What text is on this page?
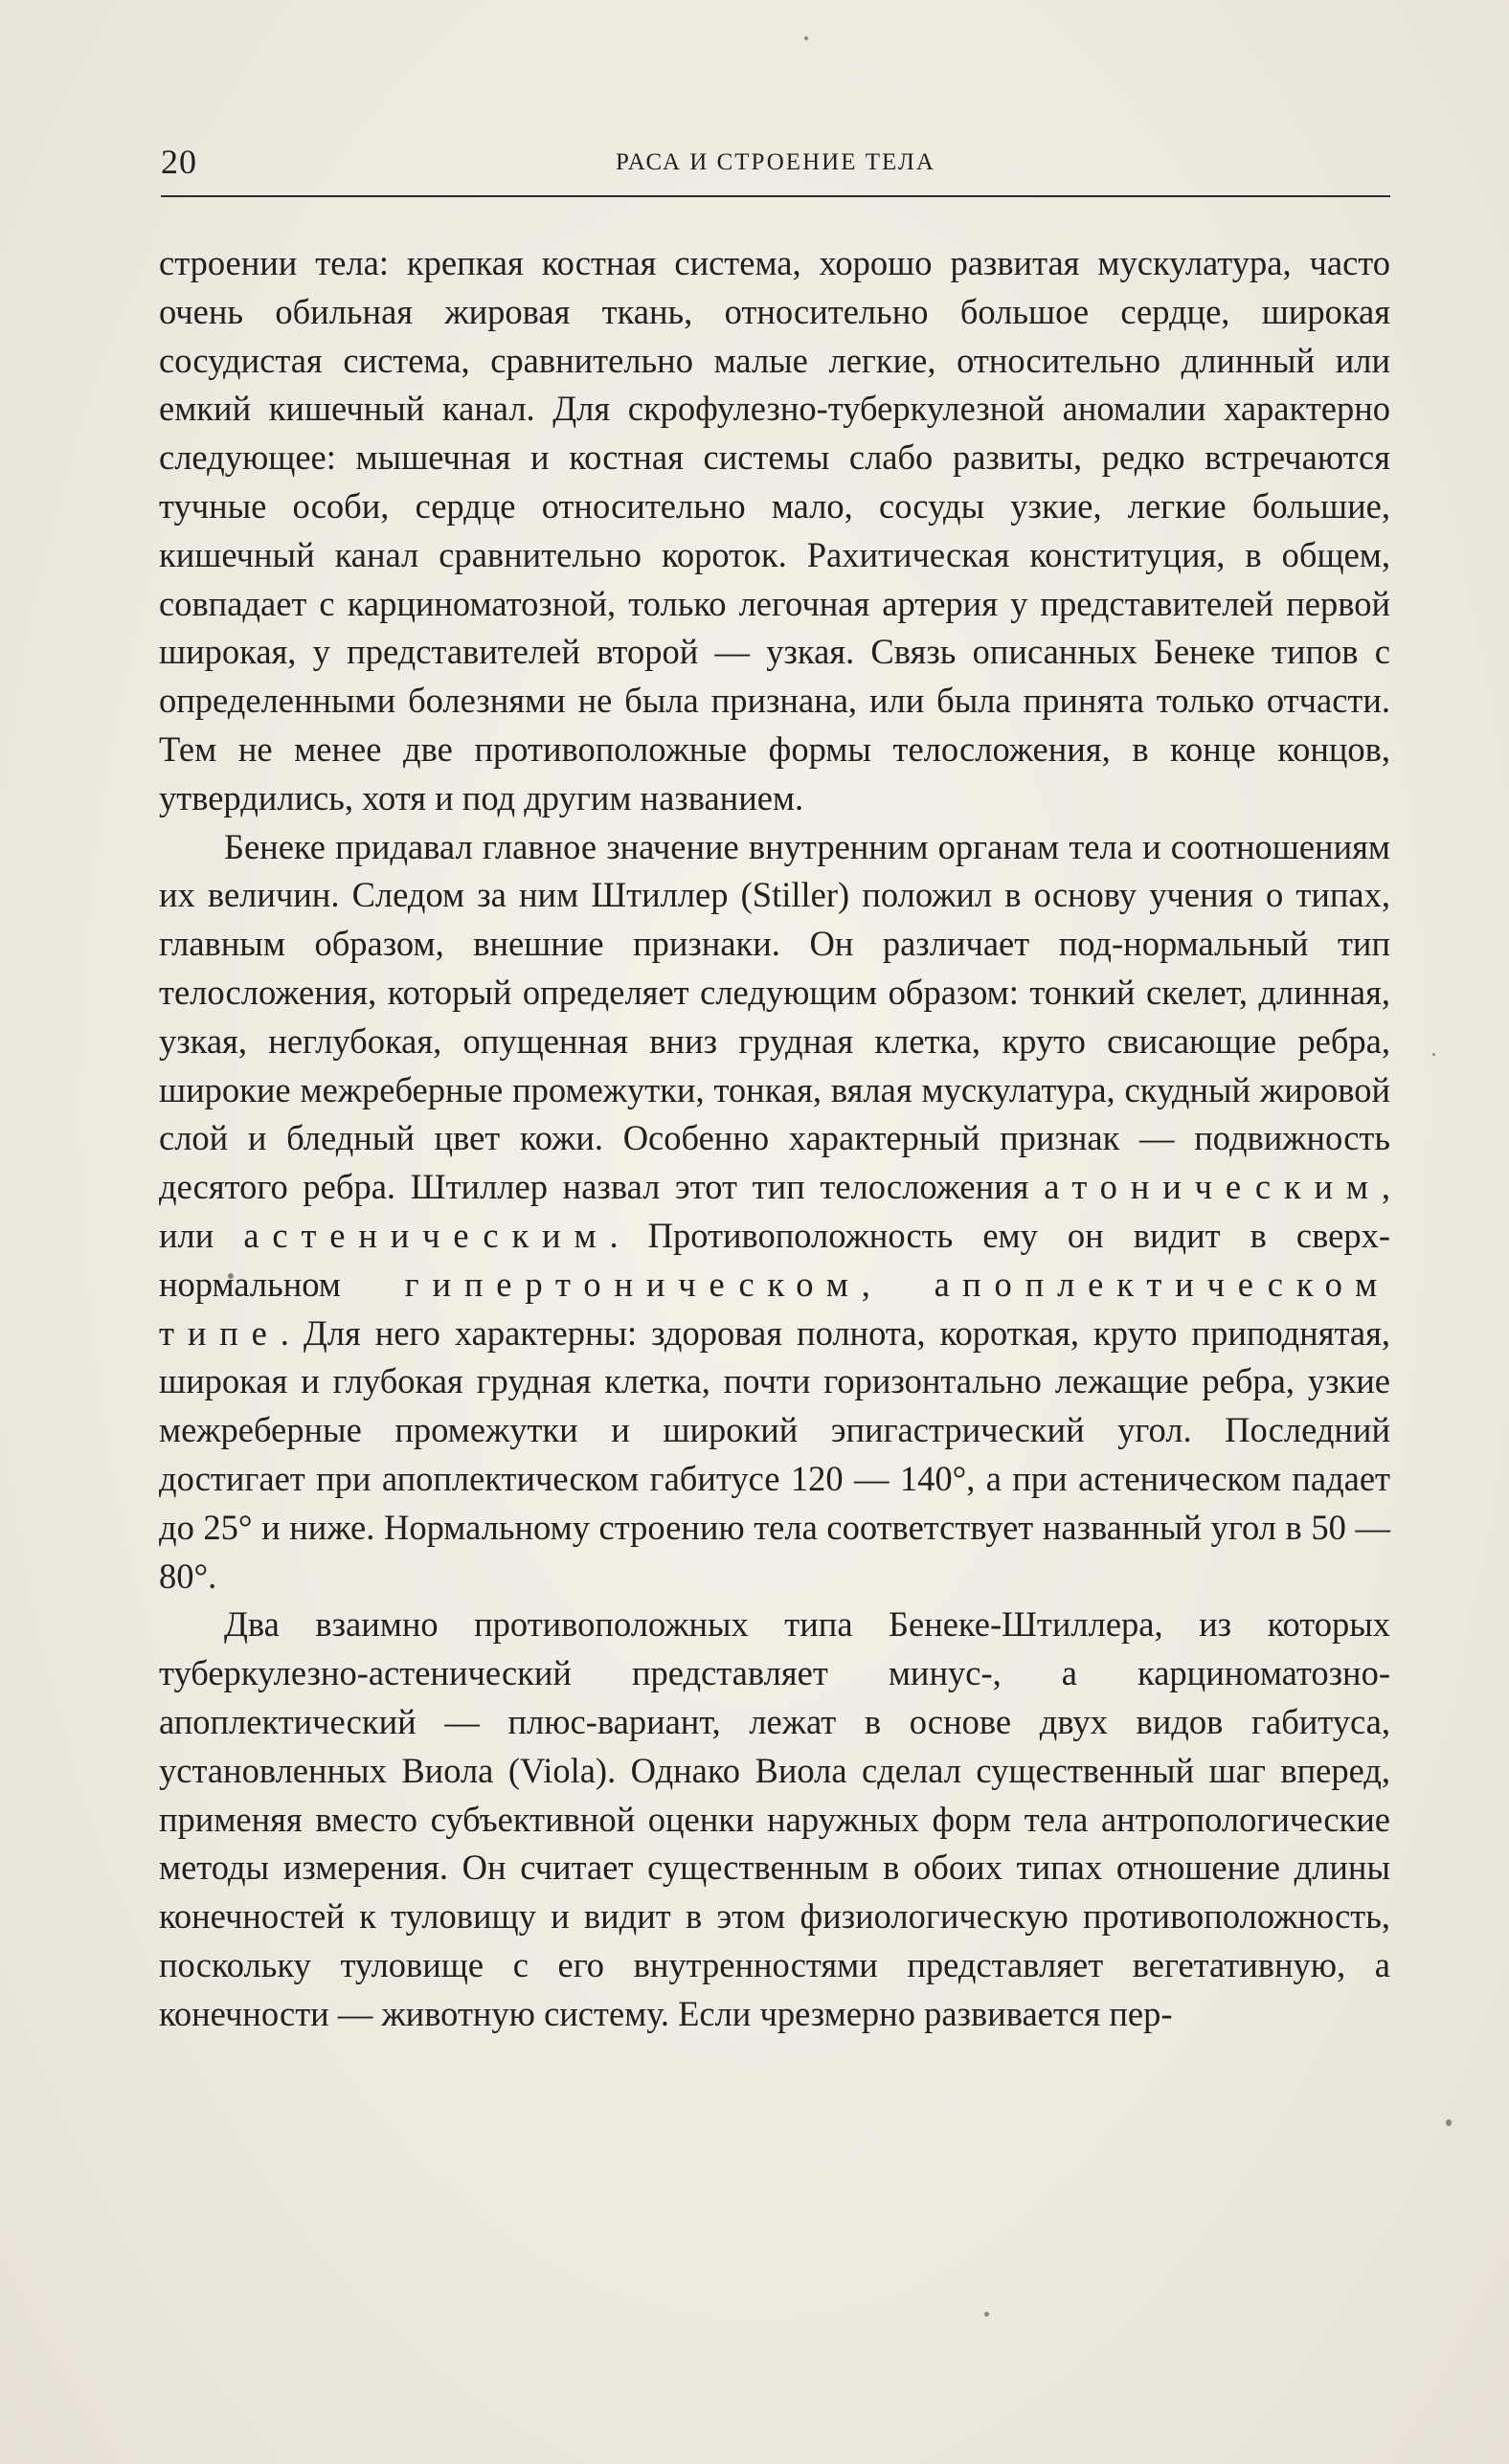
20	РАСА И СТРОЕНИЕ ТЕЛА

строении тела: крепкая костная система, хорошо развитая мускулатура, часто очень обильная жировая ткань, относительно большое сердце, широкая сосудистая система, сравнительно малые легкие, относительно длинный или емкий кишечный канал. Для скрофулезно-туберкулезной аномалии характерно следующее: мышечная и костная системы слабо развиты, редко встречаются тучные особи, сердце относительно мало, сосуды узкие, легкие большие, кишечный канал сравнительно короток. Рахитическая конституция, в общем, совпадает с карциноматозной, только легочная артерия у представителей первой широкая, у представителей второй — узкая. Связь описанных Бенеке типов с определенными болезнями не была признана, или была принята только отчасти. Тем не менее две противоположные формы телосложения, в конце концов, утвердились, хотя и под другим названием.

Бенеке придавал главное значение внутренним органам тела и соотношениям их величин. Следом за ним Штиллер (Stiller) положил в основу учения о типах, главным образом, внешние признаки. Он различает под-нормальный тип телосложения, который определяет следующим образом: тонкий скелет, длинная, узкая, неглубокая, опущенная вниз грудная клетка, круто свисающие ребра, широкие межреберные промежутки, тонкая, вялая мускулатура, скудный жировой слой и бледный цвет кожи. Особенно характерный признак — подвижность десятого ребра. Штиллер назвал этот тип телосложения атоническим, или астеническим. Противоположность ему он видит в сверх-нормальном гипертоническом, апоплектическом типе. Для него характерны: здоровая полнота, короткая, круто приподнятая, широкая и глубокая грудная клетка, почти горизонтально лежащие ребра, узкие межреберные промежутки и широкий эпигастрический угол. Последний достигает при апоплектическом габитусе 120 — 140°, а при астеническом падает до 25° и ниже. Нормальному строению тела соответствует названный угол в 50 — 80°.

Два взаимно противоположных типа Бенеке-Штиллера, из которых туберкулезно-астенический представляет минус-, а карциноматозно-апоплектический — плюс-вариант, лежат в основе двух видов габитуса, установленных Виола (Viola). Однако Виола сделал существенный шаг вперед, применяя вместо субъективной оценки наружных форм тела антропологические методы измерения. Он считает существенным в обоих типах отношение длины конечностей к туловищу и видит в этом физиологическую противоположность, поскольку туловище с его внутренностями представляет вегетативную, а конечности — животную систему. Если чрезмерно развивается пер-
